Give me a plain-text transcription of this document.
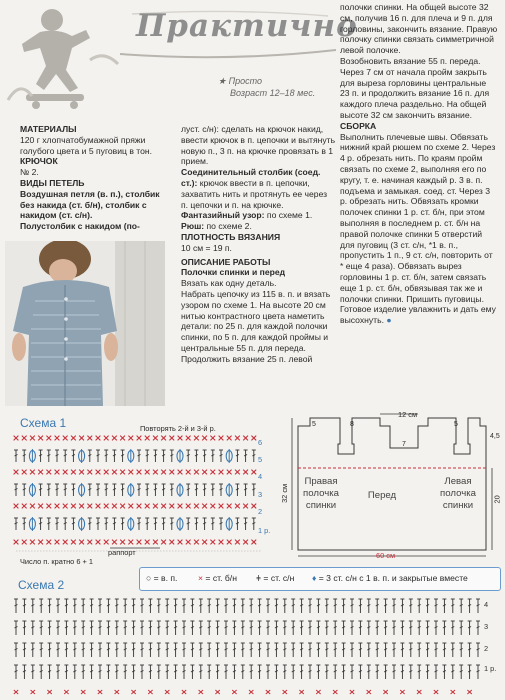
Практично
★ Просто
Возраст 12–18 мес.

МАТЕРИАЛЫ

120 г хлопчатобумажной пряжи голубого цвета и 5 пуговиц в тон.

КРЮЧОК

№ 2.

ВИДЫ ПЕТЕЛЬ

Воздушная петля (в. п.), столбик без накида (ст. б/н), столбик с накидом (ст. с/н).

Полустолбик с накидом (по-

луст. с/н): сделать на крючок накид, ввести крючок в п. цепочки и вытянуть новую п., 3 п. на крючке провязать в 1 прием.

Соединительный столбик (соед. ст.): крючок ввести в п. цепочки, захватить нить и протянуть ее через п. цепочки и п. на крючке.

Фантазийный узор: по схеме 1.

Рюш: по схеме 2.

ПЛОТНОСТЬ ВЯЗАНИЯ

10 см = 19 п.

ОПИСАНИЕ РАБОТЫ

Полочки спинки и перед

Вязать как одну деталь.

Набрать цепочку из 115 в. п. и вязать узором по схеме 1. На высоте 20 см нитью контрастного цвета наметить детали: по 25 п. для каждой полочки спинки, по 5 п. для каждой проймы и центральные 55 п. для переда. Продолжить вязание 25 п. левой

полочки спинки. На общей высоте 32 см, получив 16 п. для плеча и 9 п. для горловины, закончить вязание. Правую полочку спинки связать симметричной левой полочке.

Возобновить вязание 55 п. переда. Через 7 см от начала пройм закрыть для выреза горловины центральные 23 п. и продолжить вязание 16 п. для каждого плеча раздельно. На общей высоте 32 см закончить вязание.

СБОРКА

Выполнить плечевые швы. Обвязать нижний край рюшем по схеме 2. Через 4 р. обрезать нить. По краям пройм связать по схеме 2, выполняя его по кругу, т. е. начиная каждый р. 3 в. п. подъема и замыкая. соед. ст. Через 3 р. обрезать нить. Обвязать кромки полочек спинки 1 р. ст. б/н, при этом выполняя в последнем р. ст. б/н на правой полочке спинки 5 отверстий для пуговиц (3 ст. с/н, *1 в. п., пропустить 1 п., 9 ст. с/н, повторить от * еще 4 раза). Обвязать вырез горловины 1 р. ст. б/н, затем связать еще 1 р. ст. б/н, обвязывая так же и полочки спинки. Пришить пуговицы. Готовое изделие увлажнить и дать ему высохнуть. ●

Схема 1	Повторять 2-й и 3-й р.
раппорт
Число п. кратно 6 + 1
6
5
4
3
2
1 р.
Правая
полочка
спинки
Перед
Левая
полочка
спинки
12 см
60 см
32 см	20
5	8
7
4,5
5
○ = в. п. × = ст. б/н ǂ = ст. с/н ♦ = 3 ст. с/н с 1 в. п. и закрытые вместе
Схема 2
4
3
2
1 р.
